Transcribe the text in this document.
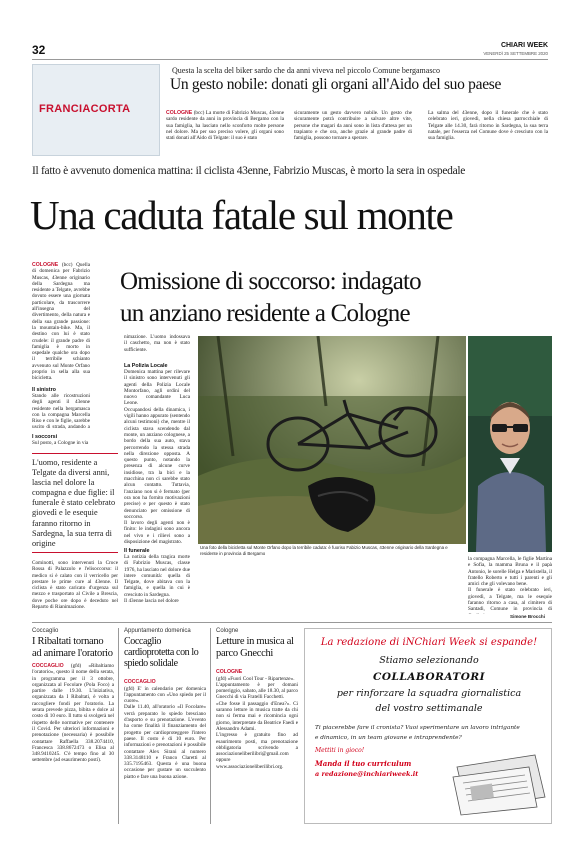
32	CHIARI WEEK
VENERDÌ 25 SETTEMBRE 2020
FRANCIACORTA
Questa la scelta del biker sardo che da anni viveva nel piccolo Comune bergamasco
Un gesto nobile: donati gli organi all'Aido del suo paese
COLOGNE (bcc) La morte di Fabrizio Muscas, 43enne sardo residente da anni in provincia di Bergamo con la sua famiglia, ha lasciato nello sconforto molte persone nel dolore. Ma per suo preciso volere, gli organi sono stati donati all'Aido di Telgate: il suo è stato
sicuramente un gesto davvero nobile. Un gesto che sicuramente potrà contribuire a salvare altre vite, persone che magari da anni sono in lista d'attesa per un trapianto e che ora, anche grazie al grande padre di famiglia, possono tornare a sperare.
La salma del 43enne, dopo il funerale che è stato celebrato ieri, giovedì, nella chiesa parrocchiale di Telgate alle 14.30, farà ritorno in Sardegna, la sua terra natale, per l'esserza nel Comune dove è cresciuto con la sua famiglia.
Il fatto è avvenuto domenica mattina: il ciclista 43enne, Fabrizio Muscas, è morto la sera in ospedale
Una caduta fatale sul monte
COLOGNE (bcc) Quella di domenica per Fabrizio Muscas, 43enne originario della Sardegna ma residente a Telgate, avrebbe dovuto essere una giornata particolare, da trascorrere all'insegna del divertimento, della natura e della sua grande passione: la mountain-bike. Ma, il destino con lui è stato crudele: il grande padre di famiglia è morto in ospedale qualche ora dopo il terribile schianto avvenuto sul Monte Orfano proprio in sella alla sua bicicletta.
Il sinistro
Stando alle ricostruzioni degli agenti il 43enne residente nella bergamasca con la compagna Marcella Riso e con le figlie, sarebbe uscito di strada, andando a
I soccorsi
Sul posto, a Cologne in via
L'uomo, residente a Telgate da diversi anni, lascia nel dolore la compagna e due figlie: il funerale è stato celebrato giovedì e le esequie faranno ritorno in Sardegna, la sua terra di origine
Cominotti, sono intervenuti la Croce Rossa di Palazzolo e l'elisoccorso: il medico si è calato con il verricello per prestare le prime cure al 43enne. Il ciclista è stato caricato d'urgenza sul mezzo e trasportato al Civile a Brescia, dove poche ore dopo è deceduto nel Reparto di Rianimazione.
Omissione di soccorso: indagato
un anziano residente a Cologne
nimazione. L'uomo indossava il caschetto, ma non è stato sufficiente.
La Polizia Locale
Domenica mattina per rilevare il sinistro sono intervenuti gli agenti della Polizia Locale Montorfano, agli ordini del nuovo comandante Luca Leone.
Occupandosi della dinamica, i vigili hanno appurato (sentendo alcuni testimoni) che, mentre il ciclista stava scendendo dal monte, un anziano colognese, a bordo della sua auto, stava percorrendo la stessa strada nella direzione opposta. A questo punto, notando la presenza di alcune curve insidiose, tra la bici e la macchina non ci sarebbe stato alcun contatto. Tuttavia, l'anziano non si è fermato (per ora non ha fornito motivazioni precise) e per questo è stato denunciato per omissione di soccorso.
Il lavoro degli agenti non è finito: le indagini sono ancora nel vivo e i rilievi sono a disposizione del magistrato.
Il funerale
La notizia della tragica morte di Fabrizio Muscas, classe 1976, ha lasciato nel dolore due intere comunità: quella di Telgate, dove abitava con la famiglia, e quella in cui è cresciuto in Sardegna.
Il 43enne lascia nel dolore
Una foto della bicicletta sul Monte Orfano dopo la terribile caduta: è fuoriso Fabizio Muscas, 43enne originario della Sardegna e residente in provincia di Bergamo
la compagna Marcella, le figlie Martina e Sofia, la mamma Bruna e il papà Antonio, le sorelle Helga e Maristella, il fratello Roberto e tutti i parenti e gli amici che gli volevano bene.
Il funerale è stato celebrato ieri, giovedì, a Telgate, ma le esequie faranno ritorno a casa, al cimitero di Santadi, Comune in provincia di
Simone Brocchi
Coccaglio
I Ribaltati tornano ad animare l'oratorio
COCCAGLIO (gfd) «Ribaltiamo l'oratorio», questo il nome della serata, in programma per il 3 ottobre, organizzata al Focolare (Pola Foco) a partire dalle 19.30. L'iniziativa, organizzata da I Ribaltati, è volta a raccogliere fondi per l'oratorio. La serata prevede pizza, bibita e dolce al costo di 10 euro. Il tutto si svolgerà nel rispetto delle normative per contenere il Covid. Per ulteriori informazioni e prenotazione (necessaria) è possibile contattare Raffaella 338.2074410, Francesca 338.8672473 o Elisa al 348.9410245. C'è tempo fino al 30 settembre (ad esaurimento posti).
Appuntamento domenica
Coccaglio cardioprotetta con lo spiedo solidale

COCCAGLIO
(gfd) E' in calendario per domenica l'appuntamento con «Uno spiedo per il cuore».
Dalle 11.40, all'oratorio «Il Focolare» verrà preparato lo spiedo bresciano d'asporto e su prenotazione. L'evento ha come finalità il finanziamento del progetto per cardioproteggere l'intero paese. Il costo è di 10 euro. Per informazioni e prenotazioni è possibile contattare Alex Sirani al numero 338.3148110 e Franco Claretti al 335.7195463. Questa è una buona occasione per gustare un succulento piatto e fare una buona azione.

Cologne
Letture in musica al parco Gnecchi

COLOGNE
(gfd) «Fuori Cool Tour - Ripartenze».
L'appuntamento è per domani pomeriggio, sabato, alle 18.30, al parco Gnecchi di via Fratelli Facchetti.
«Che fosse il passaggio d'Enea?». Ci saranno letture in musica tratte da chi non si ferma mai e ricomincia ogni giorno, interpretate da Beatrice Faedi e Alessandro Adami.
L'ingresso è gratuito fino ad esaurimento posti, ma prenotazione obbligatoria scrivendo a associazioneliberilibri@gmail.com oppure www.associazioneliberilibri.org.

La redazione di iNChiari Week si espande!
Stiamo selezionando
COLLABORATORI
per rinforzare la squadra giornalistica
del vostro settimanale
Ti piacerebbe fare il cronista? Vuoi sperimentare un lavoro intrigante
e dinamico, in un team giovane e intraprendente?
Mettiti in gioco!
Manda il tuo curriculum
a redazione@inchiariweek.it
